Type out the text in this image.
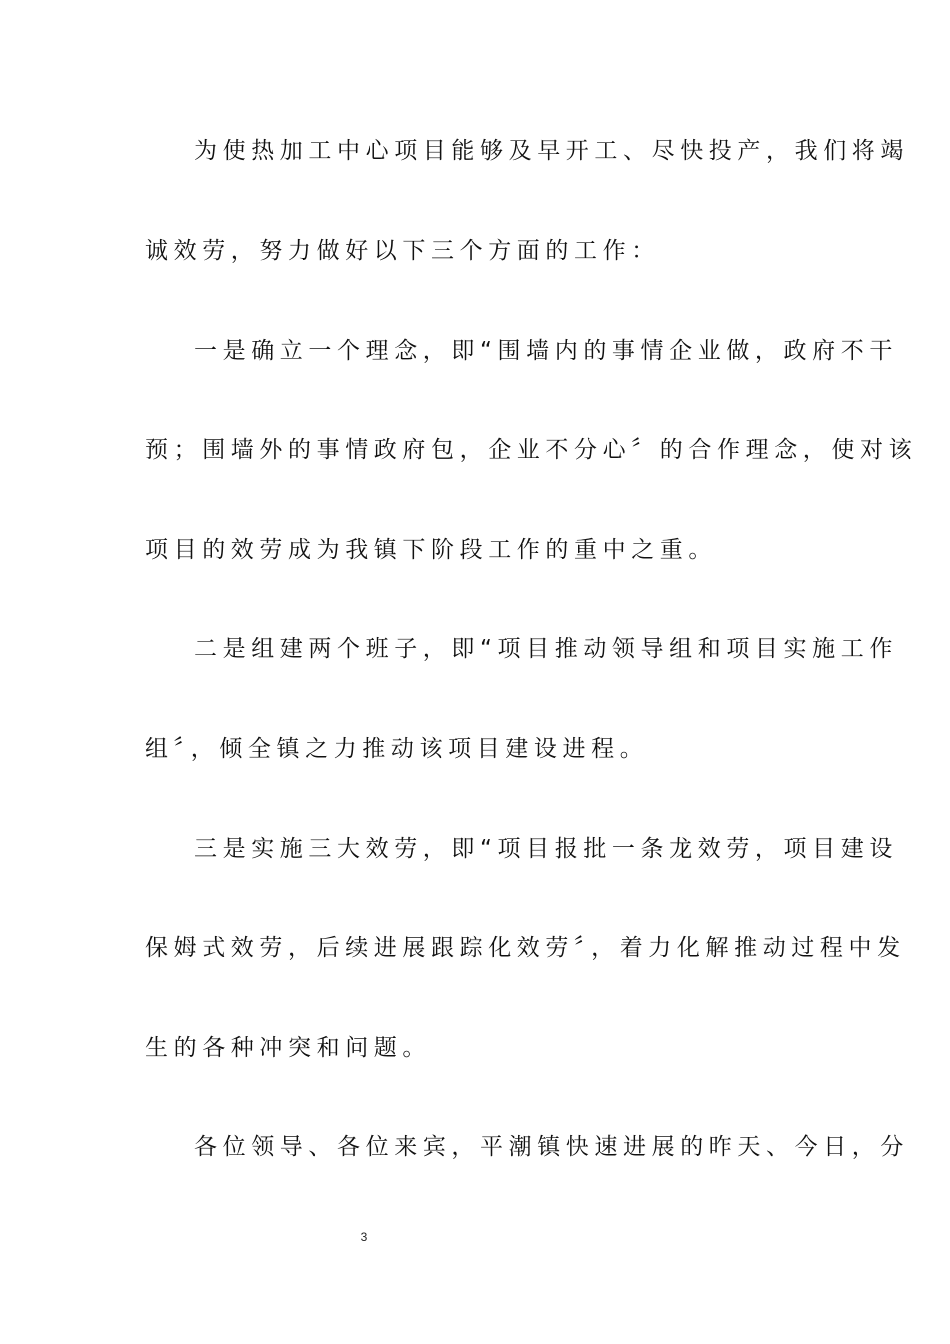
为使热加工中心项目能够及早开工、尽快投产，我们将竭
诚效劳，努力做好以下三个方面的工作：
一是确立一个理念，即“围墙内的事情企业做，政府不干
预；围墙外的事情政府包，企业不分心〞的合作理念，使对该
项目的效劳成为我镇下阶段工作的重中之重。
二是组建两个班子，即“项目推动领导组和项目实施工作
组〞，倾全镇之力推动该项目建设进程。
三是实施三大效劳，即“项目报批一条龙效劳，项目建设
保姆式效劳，后续进展跟踪化效劳〞，着力化解推动过程中发
生的各种冲突和问题。
各位领导、各位来宾，平潮镇快速进展的昨天、今日，分
3
